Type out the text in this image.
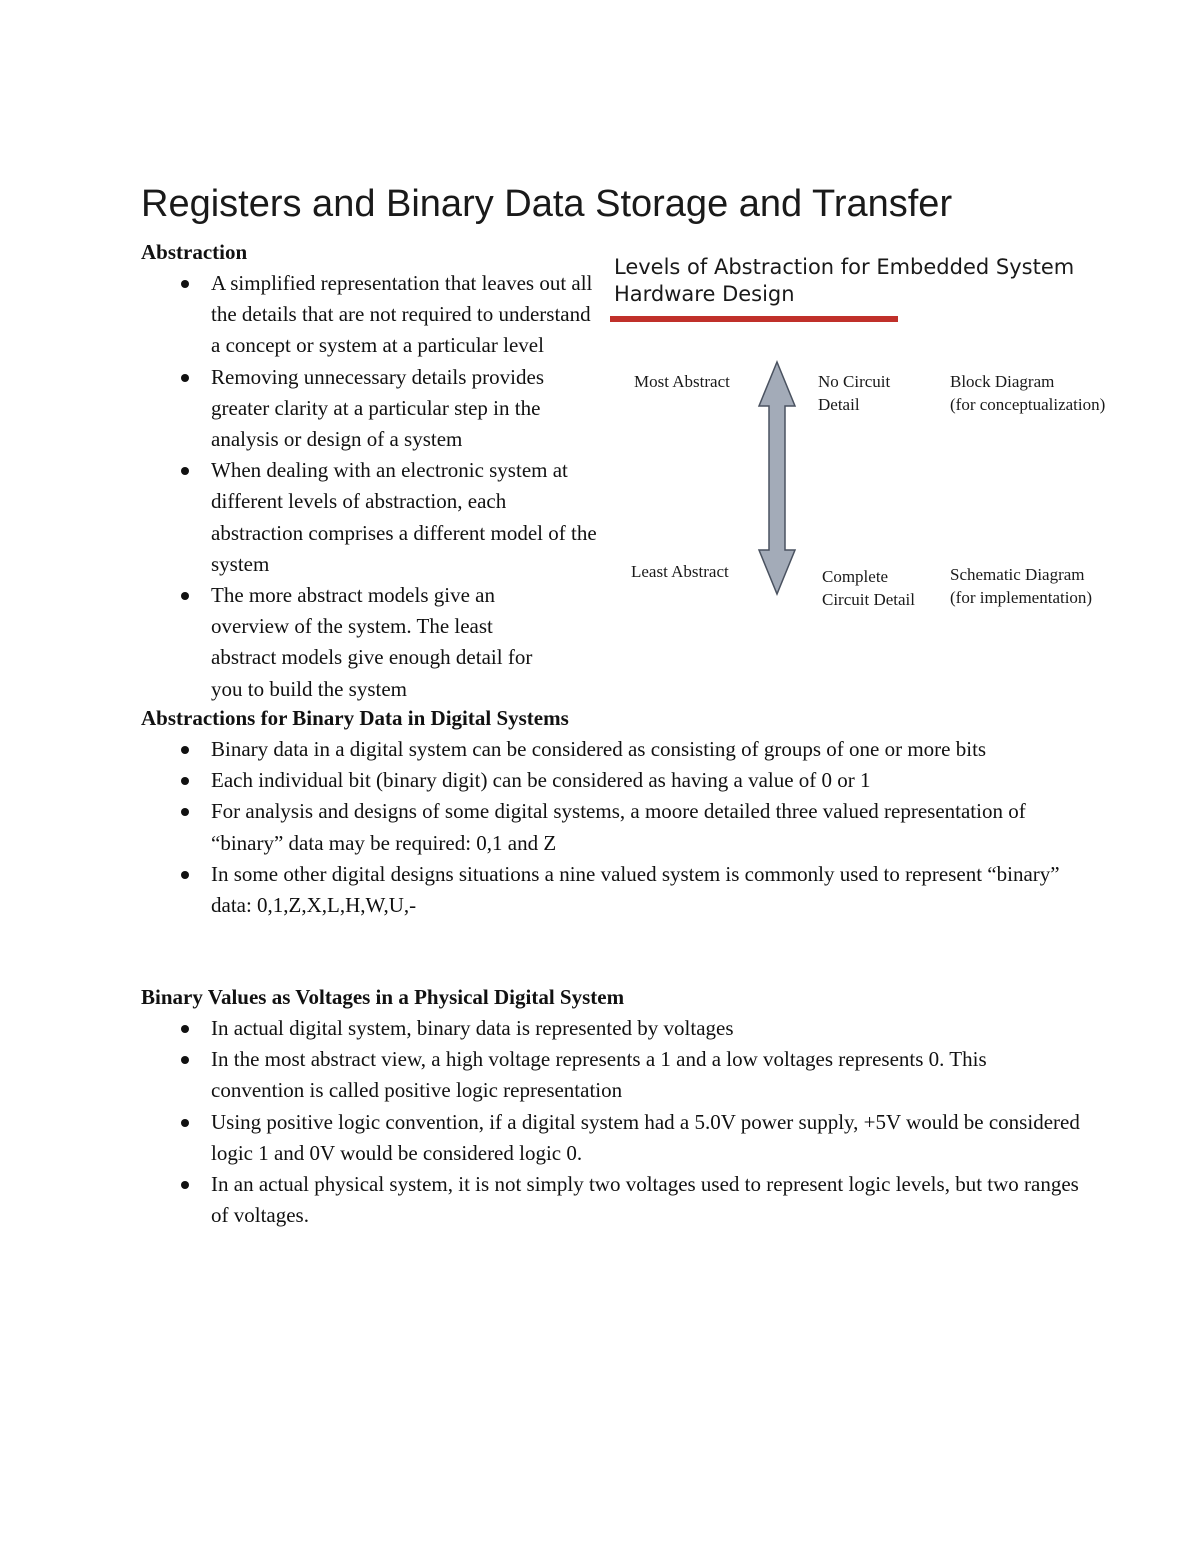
Registers and Binary Data Storage and Transfer
Abstraction
A simplified representation that leaves out all the details that are not required to understand a concept or system at a particular level
Removing unnecessary details provides greater clarity at a particular step in the analysis or design of a system
When dealing with an electronic system at different levels of abstraction, each abstraction comprises a different model of the system
The more abstract models give an overview of the system. The least abstract models give enough detail for you to build the system
Levels of Abstraction for Embedded System Hardware Design
Most Abstract	No Circuit
Detail
Block Diagram
(for conceptualization)
Least Abstract	Complete
Circuit Detail
Schematic Diagram
(for implementation)
Abstractions for Binary Data in Digital Systems
Binary data in a digital system can be considered as consisting of groups of one or more bits
Each individual bit (binary digit) can be considered as having a value of 0 or 1
For analysis and designs of some digital systems, a moore detailed three valued representation of “binary” data may be required: 0,1 and Z
In some other digital designs situations a nine valued system is commonly used to represent “binary” data: 0,1,Z,X,L,H,W,U,-
Binary Values as Voltages in a Physical Digital System
In actual digital system, binary data is represented by voltages
In the most abstract view, a high voltage represents a 1 and a low voltages represents 0. This convention is called positive logic representation
Using positive logic convention, if a digital system had a 5.0V power supply, +5V would be considered logic 1 and 0V would be considered logic 0.
In an actual physical system, it is not simply two voltages used to represent logic levels, but two ranges of voltages.
